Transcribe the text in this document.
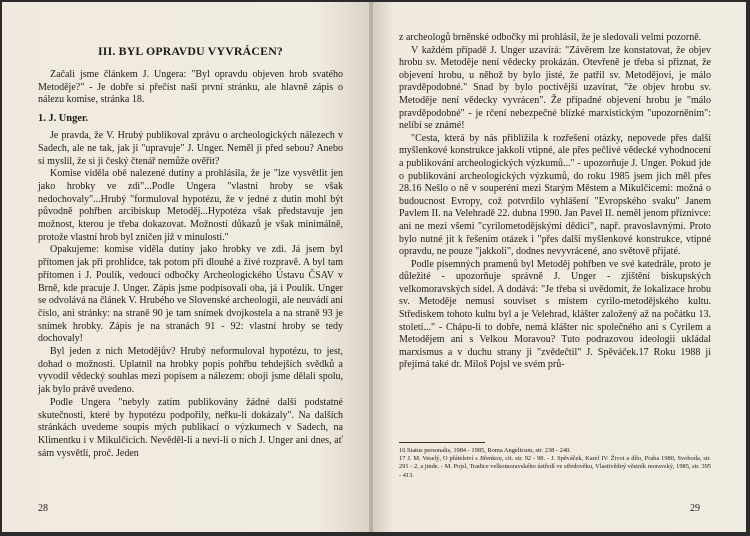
III. BYL OPRAVDU VYVRÁCEN?

Začali jsme článkem J. Ungera: "Byl opravdu objeven hrob svatého Metoděje?" - Je dobře si přečíst naši první stránku, ale hlavně zápis o nálezu komise, stránka 18.

1. J. Unger.

Je pravda, že V. Hrubý publikoval zprávu o archeologických nálezech v Sadech, ale ne tak, jak ji "upravuje" J. Unger. Neměl ji před sebou? Anebo si myslil, že si ji český čtenář nemůže ověřit?

Komise viděla obě nalezené dutiny a prohlásila, že je "lze vysvětlit jen jako hrobky ve zdi"...Podle Ungera "vlastní hroby se však nedochovaly"...Hrubý "formuloval hypotézu, že v jedné z dutin mohl být původně pohřben arcibiskup Metoděj...Hypotéza však představuje jen možnost, kterou je třeba dokazovat. Možností důkazů je však minimálně, protože vlastní hrob byl zničen již v minulosti."

Opakujeme: komise viděla dutiny jako hrobky ve zdi. Já jsem byl přítomen jak při prohlídce, tak potom při dlouhé a živé rozpravě. A byl tam přítomen i J. Poulík, vedoucí odbočky Archeologického Ústavu ČSAV v Brně, kde pracuje J. Unger. Zápis jsme podpisovali oba, já i Poulík. Unger se odvolává na článek V. Hrubého ve Slovenské archeologii, ale neuvádí ani číslo, ani stránky: na straně 90 je tam snímek dvojkostela a na straně 93 je snímek hrobky. Zápis je na stranách 91 - 92: vlastní hroby se tedy dochovaly!

Byl jeden z nich Metodějův? Hrubý neformuloval hypotézu, to jest, dohad o možnosti. Uplatnil na hrobky popis pohřbu tehdejších svědků a vyvodil vědecký souhlas mezi popisem a nálezem: oboji jsme dělali spolu, jak bylo právě uvedeno.

Podle Ungera "nebyly zatím publikovány žádné další podstatné skutečnosti, které by hypotézu podpořily, neřku-li dokázaly". Na dalších stránkách uvedeme soupis mých publikací o výzkumech v Sadech, na Klimentku i v Mikulčicích. Nevěděl-li a neví-li o nich J. Unger ani dnes, ať sám vysvětlí, proč. Jeden

28

z archeologů brněnské odbočky mi prohlásil, že je sledovali velmi pozorně.

V každém případě J. Unger uzavírá: "Závěrem lze konstatovat, že objev hrobu sv. Metoděje není vědecky prokázán. Otevřeně je třeba si přiznat, že objevení hrobu, u něhož by bylo jisté, že patřil sv. Metodějovi, je málo pravděpodobné." Snad by bylo poctivější uzavírat, "že objev hrobu sv. Metoděje není vědecky vyvrácen". Že případné objevení hrobu je "málo pravděpodobné" - je rčení nebezpečné blízké marxistickým "upozorněním": nelíbí se známé!

"Cesta, která by nás přiblížila k rozřešení otázky, nepovede přes další myšlenkové konstrukce jakkoli vtipné, ale přes pečlivé vědecké vyhodnocení a publikování archeologických výzkumů..." - upozorňuje J. Unger. Pokud jde o publikování archeologických výzkumů, do roku 1985 jsem jich měl přes 28.16 Nešlo o ně v souperéní mezi Starým Městem a Mikulčicemi: možná o budoucnost Evropy, což potvrdilo vyhlášení "Evropského svaku" Janem Pavlem II. na Velehradě 22. dubna 1990. Jan Pavel II. neměl jenom příznivce: ani ne mezi všemi "cyrilometodějskými dědici", např. pravoslavnými. Proto bylo nutné jít k řešením otázek i "přes další myšlenkové konstrukce, vtipné opravdu, ne pouze "jakkoli", dodnes nevyvrácené, ano světově přijaté.

Podle písemných pramenů byl Metoděj pohřben ve své katedrále, proto je důležité - upozorňuje správně J. Unger - zjištění biskupských velkomoravských sídel. A dodává: "Je třeba si uvědomit, že lokalizace hrobu sv. Metoděje nemusí souviset s místem cyrilo-metodějského kultu. Střediskem tohoto kultu byl a je Velehrad, klášter založený až na počátku 13. století..." - Chápu-li to dobře, nemá klášter nic společného ani s Cyrilem a Metodějem ani s Velkou Moravou? Tuto podrazovou ideologii ukládal marxismus a v duchu strany ji "zvědečtil" J. Spěváček.17 Roku 1988 ji přejímá také dr. Miloš Pojsl ve svém prů-

16 Status personalis, 1984 - 1985, Roma Angelicum, str. 238 - 240.

17 J. M. Veselý, O přátelství s Jiřenkou, cit. str. 92 - 98. - J. Spěváček, Karel IV. Život a dílo, Praha 1980, Svoboda, str. 291 - 2, a jinde. - M. Pojsl, Tradice velkomoravského ústředí ve středověku, Vlastivědný věstník moravský, 1985, str. 395 - 413.

29
